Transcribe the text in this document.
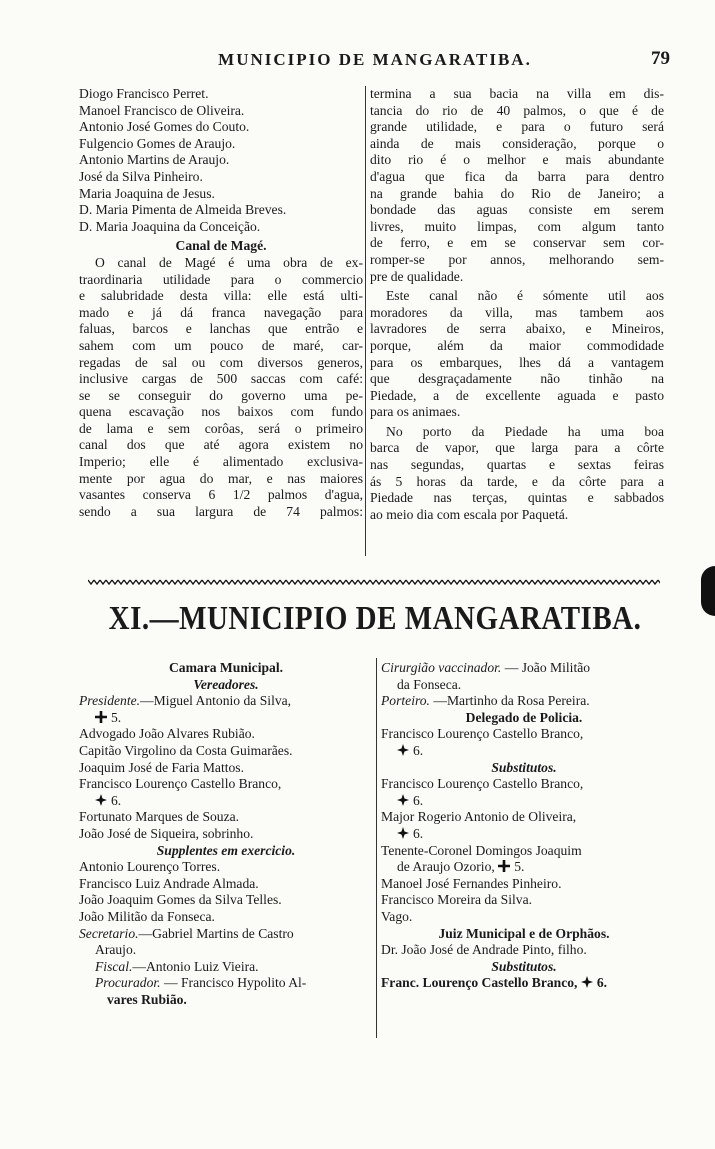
MUNICIPIO DE MANGARATIBA.	79
Diogo Francisco Perret.
Manoel Francisco de Oliveira.
Antonio José Gomes do Couto.
Fulgencio Gomes de Araujo.
Antonio Martins de Araujo.
José da Silva Pinheiro.
Maria Joaquina de Jesus.
D. Maria Pimenta de Almeida Breves.
D. Maria Joaquina da Conceição.
Canal de Magé.
O canal de Magé é uma obra de ex-
traordinaria utilidade para o commercio
e salubridade desta villa: elle está ulti-
mado e já dá franca navegação para
faluas, barcos e lanchas que entrão e
sahem com um pouco de maré, car-
regadas de sal ou com diversos generos,
inclusive cargas de 500 saccas com café:
se se conseguir do governo uma pe-
quena escavação nos baixos com fundo
de lama e sem corôas, será o primeiro
canal dos que até agora existem no
Imperio; elle é alimentado exclusiva-
mente por agua do mar, e nas maiores
vasantes conserva 6 1/2 palmos d'agua,
sendo a sua largura de 74 palmos:
termina a sua bacia na villa em dis-
tancia do rio de 40 palmos, o que é de
grande utilidade, e para o futuro será
ainda de mais consideração, porque o
dito rio é o melhor e mais abundante
d'agua que fica da barra para dentro
na grande bahia do Rio de Janeiro; a
bondade das aguas consiste em serem
livres, muito limpas, com algum tanto
de ferro, e em se conservar sem cor-
romper-se por annos, melhorando sem-
pre de qualidade.
Este canal não é sómente util aos
moradores da villa, mas tambem aos
lavradores de serra abaixo, e Mineiros,
porque, além da maior commodidade
para os embarques, lhes dá a vantagem
que desgraçadamente não tinhão na
Piedade, a de excellente aguada e pasto
para os animaes.
No porto da Piedade ha uma boa
barca de vapor, que larga para a côrte
nas segundas, quartas e sextas feiras
ás 5 horas da tarde, e da côrte para a
Piedade nas terças, quintas e sabbados
ao meio dia com escala por Paquetá.
XI.—MUNICIPIO DE MANGARATIBA.
Camara Municipal.
Vereadores.
Presidente.—Miguel Antonio da Silva,
5.
Advogado João Alvares Rubião.
Capitão Virgolino da Costa Guimarães.
Joaquim José de Faria Mattos.
Francisco Lourenço Castello Branco,
6.
Fortunato Marques de Souza.
João José de Siqueira, sobrinho.
Supplentes em exercicio.
Antonio Lourenço Torres.
Francisco Luiz Andrade Almada.
João Joaquim Gomes da Silva Telles.
João Militão da Fonseca.
Secretario.—Gabriel Martins de Castro
Araujo.
Fiscal.—Antonio Luiz Vieira.
Procurador. — Francisco Hypolito Al-
vares Rubião.
Cirurgião vaccinador. — João Militão
da Fonseca.
Porteiro. —Martinho da Rosa Pereira.
Delegado de Policia.
Francisco Lourenço Castello Branco,
6.
Substitutos.
Francisco Lourenço Castello Branco,
6.
Major Rogerio Antonio de Oliveira,
6.
Tenente-Coronel Domingos Joaquim
de Araujo Ozorio, 5.
Manoel José Fernandes Pinheiro.
Francisco Moreira da Silva.
Vago.
Juiz Municipal e de Orphãos.
Dr. João José de Andrade Pinto, filho.
Substitutos.
Franc. Lourenço Castello Branco, 6.
